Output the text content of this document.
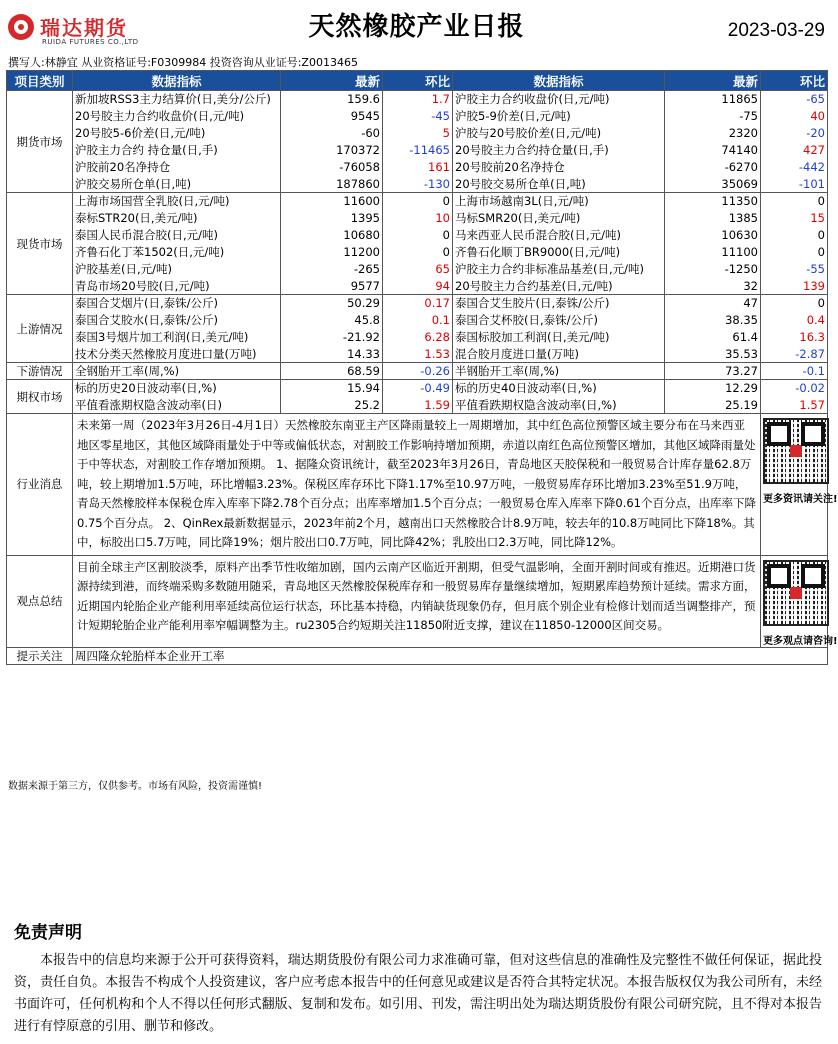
瑞达期货
RUIDA FUTURES CO.,LTD	天然橡胶产业日报	2023-03-29
撰写人:林静宜 从业资格证号:F0309984 投资咨询从业证号:Z0013465
项目类别	数据指标	最新	环比	数据指标	最新	环比
期货市场	新加坡RSS3主力结算价(日,美分/公斤)	159.6	1.7	沪胶主力合约收盘价(日,元/吨)	11865	-65
	20号胶主力合约收盘价(日,元/吨)	9545	-45	沪胶5-9价差(日,元/吨)	-75	40
	20号胶5-6价差(日,元/吨)	-60	5	沪胶与20号胶价差(日,元/吨)	2320	-20
	沪胶主力合约 持仓量(日,手)	170372	-11465	20号胶主力合约持仓量(日,手)	74140	427
	沪胶前20名净持仓	-76058	161	20号胶前20名净持仓	-6270	-442
	沪胶交易所仓单(日,吨)	187860	-130	20号胶交易所仓单(日,吨)	35069	-101
现货市场	上海市场国营全乳胶(日,元/吨)	11600	0	上海市场越南3L(日,元/吨)	11350	0
	泰标STR20(日,美元/吨)	1395	10	马标SMR20(日,美元/吨)	1385	15
	泰国人民币混合胶(日,元/吨)	10680	0	马来西亚人民币混合胶(日,元/吨)	10630	0
	齐鲁石化丁苯1502(日,元/吨)	11200	0	齐鲁石化顺丁BR9000(日,元/吨)	11100	0
	沪胶基差(日,元/吨)	-265	65	沪胶主力合约非标准品基差(日,元/吨)	-1250	-55
	青岛市场20号胶(日,元/吨)	9577	94	20号胶主力合约基差(日,元/吨)	32	139
上游情况	泰国合艾烟片(日,泰铢/公斤)	50.29	0.17	泰国合艾生胶片(日,泰铢/公斤)	47	0
	泰国合艾胶水(日,泰铢/公斤)	45.8	0.1	泰国合艾杯胶(日,泰铢/公斤)	38.35	0.4
	泰国3号烟片加工利润(日,美元/吨)	-21.92	6.28	泰国标胶加工利润(日,美元/吨)	61.4	16.3
	技术分类天然橡胶月度进口量(万吨)	14.33	1.53	混合胶月度进口量(万吨)	35.53	-2.87
下游情况	全钢胎开工率(周,%)	68.59	-0.26	半钢胎开工率(周,%)	73.27	-0.1
期权市场	标的历史20日波动率(日,%)	15.94	-0.49	标的历史40日波动率(日,%)	12.29	-0.02
	平值看涨期权隐含波动率(日)	25.2	1.59	平值看跌期权隐含波动率(日,%)	25.19	1.57
行业消息	未来第一周（2023年3月26日-4月1日）天然橡胶东南亚主产区降雨量较上一周期增加，其中红色高位预警区域主要分布在马来西亚地区零星地区，其他区域降雨量处于中等或偏低状态，对割胶工作影响持增加预期，赤道以南红色高位预警区增加，其他区域降雨量处于中等状态，对割胶工作存增加预期。 1、据隆众资讯统计，截至2023年3月26日，青岛地区天胶保税和一般贸易合计库存量62.8万吨，较上期增加1.5万吨，环比增幅3.23%。保税区库存环比下降1.17%至10.97万吨，一般贸易库存环比增加3.23%至51.9万吨，青岛天然橡胶样本保税仓库入库率下降2.78个百分点；出库率增加1.5个百分点；一般贸易仓库入库率下降0.61个百分点，出库率下降0.75个百分点。 2、QinRex最新数据显示，2023年前2个月，越南出口天然橡胶合计8.9万吨，较去年的10.8万吨同比下降18%。其中，标胶出口5.7万吨，同比降19%；烟片胶出口0.7万吨，同比降42%；乳胶出口2.3万吨，同比降12%。					更多资讯请关注!

观点总结	目前全球主产区割胶淡季，原料产出季节性收缩加剧，国内云南产区临近开割期，但受气温影响，全面开割时间或有推迟。近期港口货源持续到港，而终端采购多数随用随采，青岛地区天然橡胶保税库存和一般贸易库存量继续增加，短期累库趋势预计延续。需求方面，近期国内轮胎企业产能利用率延续高位运行状态，环比基本持稳，内销缺货现象仍存，但月底个别企业有检修计划而适当调整排产，预计短期轮胎企业产能利用率窄幅调整为主。ru2305合约短期关注11850附近支撑，建议在11850-12000区间交易。					更多观点请咨询!

提示关注	周四隆众轮胎样本企业开工率					
数据来源于第三方，仅供参考。市场有风险，投资需谨慎!
免责声明
本报告中的信息均来源于公开可获得资料，瑞达期货股份有限公司力求准确可靠，但对这些信息的准确性及完整性不做任何保证，据此投资，责任自负。本报告不构成个人投资建议，客户应考虑本报告中的任何意见或建议是否符合其特定状况。本报告版权仅为我公司所有，未经书面许可，任何机构和个人不得以任何形式翻版、复制和发布。如引用、刊发，需注明出处为瑞达期货股份有限公司研究院，且不得对本报告进行有悖原意的引用、删节和修改。
